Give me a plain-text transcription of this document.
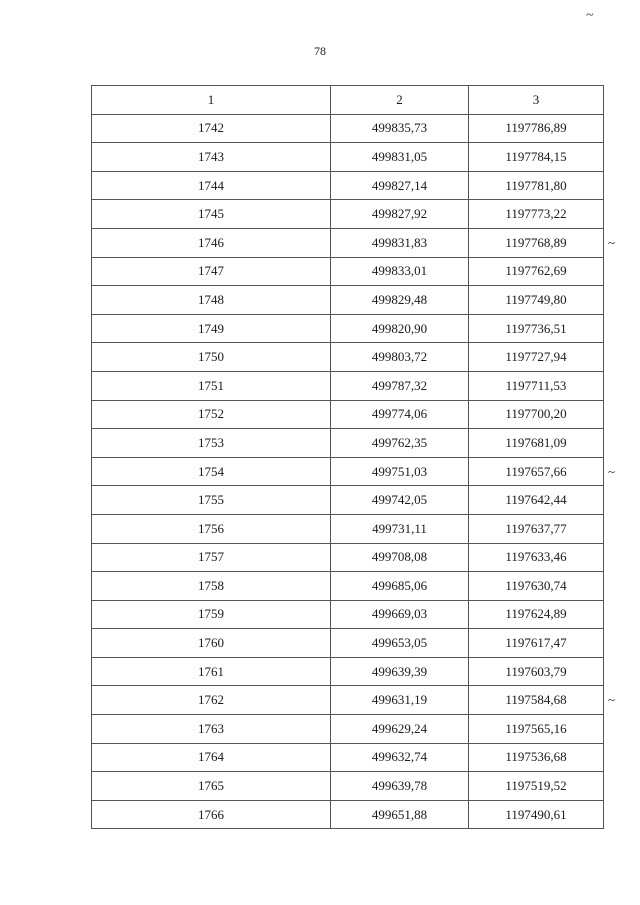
~
78
1	2	3
1742	499835,73	1197786,89
1743	499831,05	1197784,15
1744	499827,14	1197781,80
1745	499827,92	1197773,22
1746	499831,83	1197768,89 ~

1747	499833,01	1197762,69
1748	499829,48	1197749,80
1749	499820,90	1197736,51
1750	499803,72	1197727,94
1751	499787,32	1197711,53
1752	499774,06	1197700,20
1753	499762,35	1197681,09
1754	499751,03	1197657,66 ~

1755	499742,05	1197642,44
1756	499731,11	1197637,77
1757	499708,08	1197633,46
1758	499685,06	1197630,74
1759	499669,03	1197624,89
1760	499653,05	1197617,47
1761	499639,39	1197603,79
1762	499631,19	1197584,68 ~

1763	499629,24	1197565,16
1764	499632,74	1197536,68
1765	499639,78	1197519,52
1766	499651,88	1197490,61
